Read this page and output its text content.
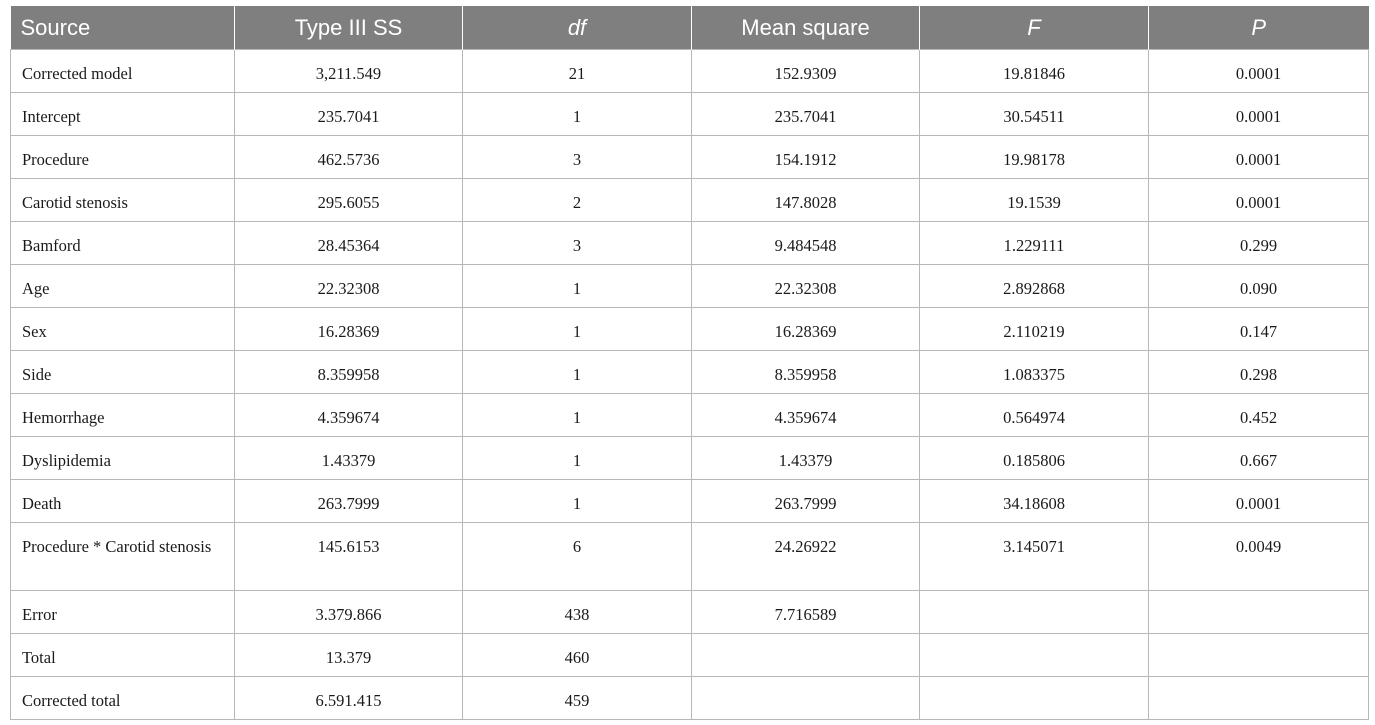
Source	Type III SS	df	Mean square	F	P
Corrected model	3,211.549	21	152.9309	19.81846	0.0001
Intercept	235.7041	1	235.7041	30.54511	0.0001
Procedure	462.5736	3	154.1912	19.98178	0.0001
Carotid stenosis	295.6055	2	147.8028	19.1539	0.0001
Bamford	28.45364	3	9.484548	1.229111	0.299
Age	22.32308	1	22.32308	2.892868	0.090
Sex	16.28369	1	16.28369	2.110219	0.147
Side	8.359958	1	8.359958	1.083375	0.298
Hemorrhage	4.359674	1	4.359674	0.564974	0.452
Dyslipidemia	1.43379	1	1.43379	0.185806	0.667
Death	263.7999	1	263.7999	34.18608	0.0001
Procedure * Carotid stenosis	145.6153	6	24.26922	3.145071	0.0049
Error	3.379.866	438	7.716589		
Total	13.379	460			
Corrected total	6.591.415	459			
